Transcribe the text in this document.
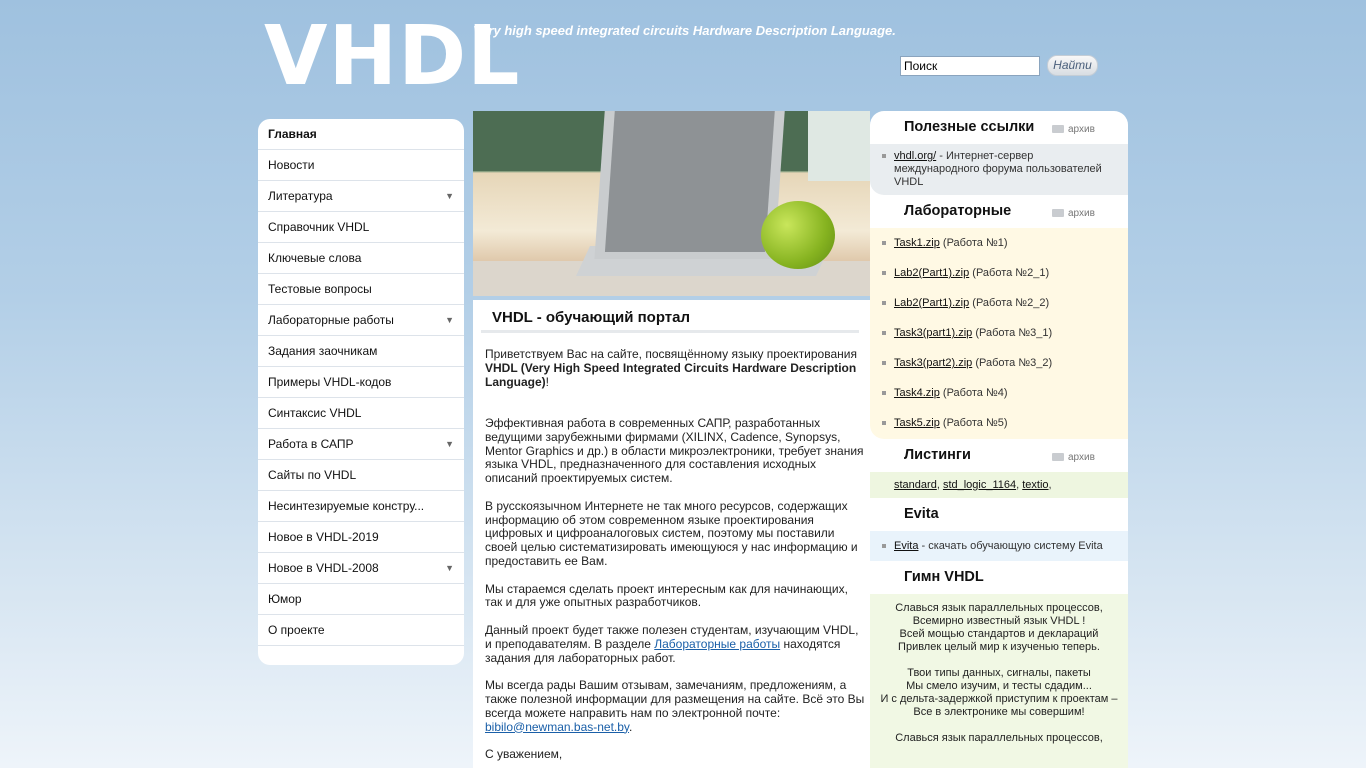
VHDL
Very high speed integrated circuits Hardware Description Language.
Поиск
Найти
Главная
Новости
Литература	▼
Справочник VHDL
Ключевые слова
Тестовые вопросы
Лабораторные работы	▼
Задания заочникам
Примеры VHDL-кодов
Синтаксис VHDL
Работа в САПР	▼
Сайты по VHDL
Несинтезируемые констру...
Новое в VHDL-2019
Новое в VHDL-2008	▼
Юмор
О проекте
VHDL - обучающий портал

Приветствуем Вас на сайте, посвящённому языку проектирования VHDL (Very High Speed Integrated Circuits Hardware Description Language)!

Эффективная работа в современных САПР, разработанных ведущими зарубежными фирмами (XILINX, Cadence, Synopsys, Mentor Graphics и др.) в области микроэлектроники, требует знания языка VHDL, предназначенного для составления исходных описаний проектируемых систем.

В русскоязычном Интернете не так много ресурсов, содержащих информацию об этом современном языке проектирования цифровых и цифроаналоговых систем, поэтому мы поставили своей целью систематизировать имеющуюся у нас информацию и предоставить ее Вам.

Мы стараемся сделать проект интересным как для начинающих, так и для уже опытных разработчиков.

Данный проект будет также полезен студентам, изучающим VHDL, и преподавателям. В разделе Лабораторные работы находятся задания для лабораторных работ.

Мы всегда рады Вашим отзывам, замечаниям, предложениям, а также полезной информации для размещения на сайте. Всё это Вы всегда можете направить нам по электронной почте: bibilo@newman.bas-net.by.

С уважением,

Полезные ссылки	архив
vhdl.org/ - Интернет-сервер международного форума пользователей VHDL
Лабораторные	архив
Task1.zip (Работа №1)
Lab2(Part1).zip (Работа №2_1)
Lab2(Part1).zip (Работа №2_2)
Task3(part1).zip (Работа №3_1)
Task3(part2).zip (Работа №3_2)
Task4.zip (Работа №4)
Task5.zip (Работа №5)
Листинги	архив
standard, std_logic_1164, textio,
Evita
Evita - скачать обучающую систему Evita
Гимн VHDL

Славься язык параллельных процессов,
Всемирно известный язык VHDL !
Всей мощью стандартов и деклараций
Привлек целый мир к изученью теперь.

Твои типы данных, сигналы, пакеты
Мы смело изучим, и тесты сдадим...
И с дельта-задержкой приступим к проектам –
Все в электронике мы совершим!

Славься язык параллельных процессов,
